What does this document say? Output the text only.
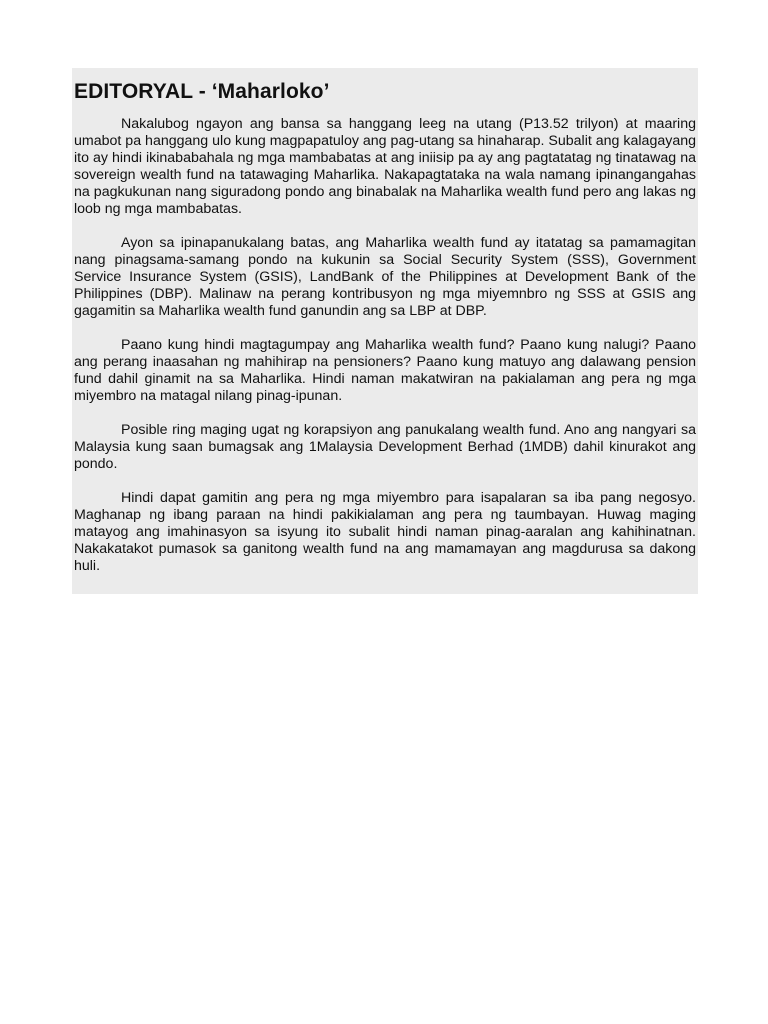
EDITORYAL - ‘Maharloko’

Nakalubog ngayon ang bansa sa hanggang leeg na utang (P13.52 trilyon) at maaring umabot pa hanggang ulo kung magpapatuloy ang pag-utang sa hinaharap. Subalit ang kalagayang ito ay hindi ikinababahala ng mga mambabatas at ang iniisip pa ay ang pagtatatag ng tinatawag na sovereign wealth fund na tatawaging Maharlika. Nakapagtataka na wala namang ipinangangahas na pagkukunan nang siguradong pondo ang binabalak na Maharlika wealth fund pero ang lakas ng loob ng mga mambabatas.

Ayon sa ipinapanukalang batas, ang Maharlika wealth fund ay itatatag sa pamamagitan nang pinagsama-samang pondo na kukunin sa Social Security System (SSS), Government Service Insurance System (GSIS), LandBank of the Philippines at Development Bank of the Philippines (DBP). Malinaw na perang kontribusyon ng mga miyemnbro ng SSS at GSIS ang gagamitin sa Maharlika wealth fund ganundin ang sa LBP at DBP.

Paano kung hindi magtagumpay ang Maharlika wealth fund? Paano kung nalugi? Paano ang perang inaasahan ng mahihirap na pensioners? Paano kung matuyo ang dalawang pension fund dahil ginamit na sa Maharlika. Hindi naman makatwiran na pakialaman ang pera ng mga miyembro na matagal nilang pinag-ipunan.

Posible ring maging ugat ng korapsiyon ang panukalang wealth fund. Ano ang nangyari sa Malaysia kung saan bumagsak ang 1Malaysia Development Berhad (1MDB) dahil kinurakot ang pondo.

Hindi dapat gamitin ang pera ng mga miyembro para isapalaran sa iba pang negosyo. Maghanap ng ibang paraan na hindi pakikialaman ang pera ng taumbayan. Huwag maging matayog ang imahinasyon sa isyung ito subalit hindi naman pinag-aaralan ang kahihinatnan. Nakakatakot pumasok sa ganitong wealth fund na ang mamamayan ang magdurusa sa dakong huli.
